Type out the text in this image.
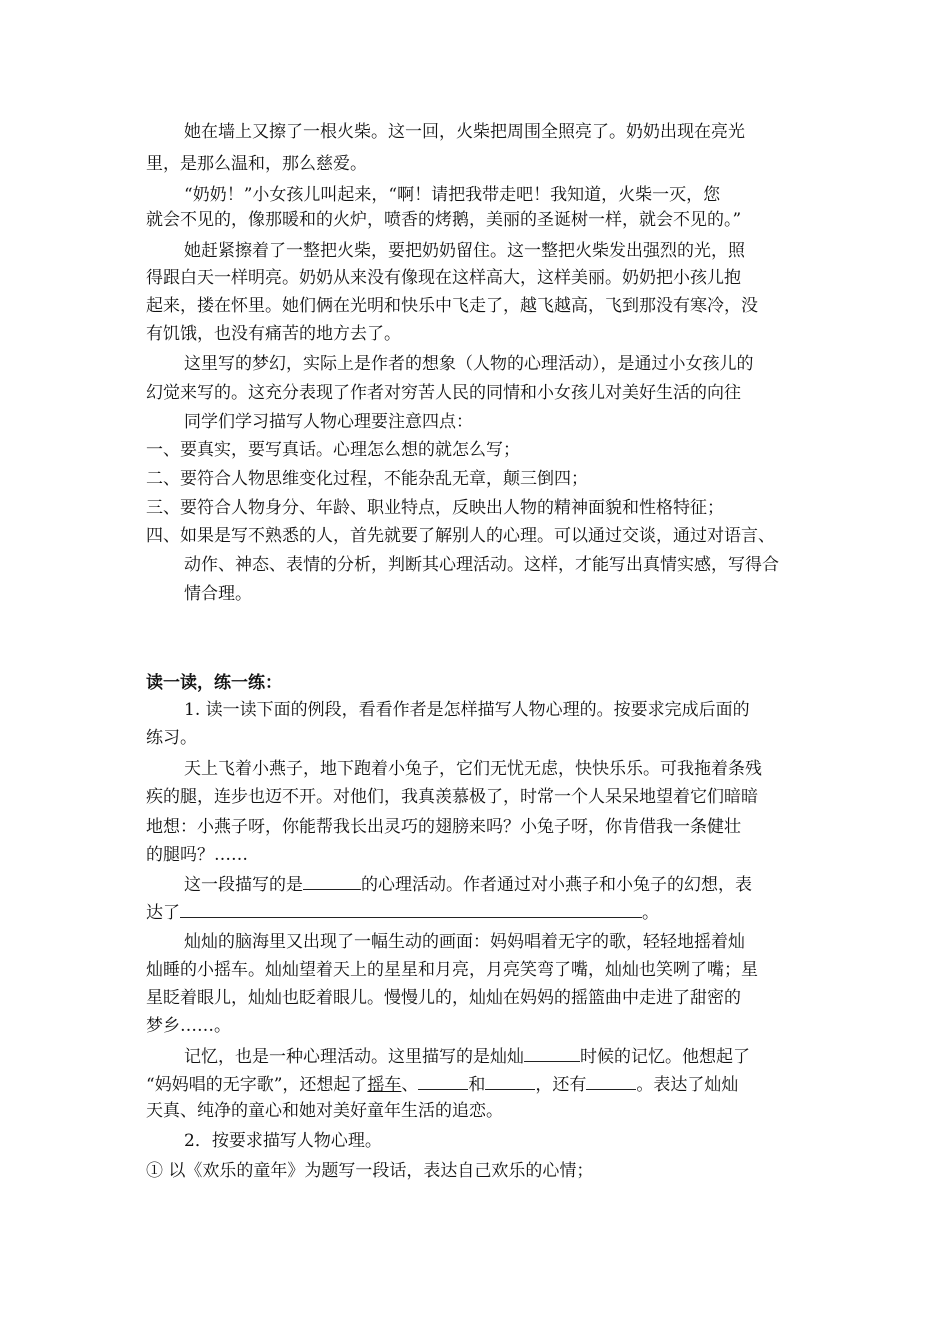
她在墙上又擦了一根火柴。这一回，火柴把周围全照亮了。奶奶出现在亮光
里，是那么温和，那么慈爱。
“奶奶！”小女孩儿叫起来，“啊！请把我带走吧！我知道，火柴一灭，您
就会不见的，像那暖和的火炉，喷香的烤鹅，美丽的圣诞树一样，就会不见的。”
她赶紧擦着了一整把火柴，要把奶奶留住。这一整把火柴发出强烈的光，照
得跟白天一样明亮。奶奶从来没有像现在这样高大，这样美丽。奶奶把小孩儿抱
起来，搂在怀里。她们俩在光明和快乐中飞走了，越飞越高，飞到那没有寒冷，没
有饥饿，也没有痛苦的地方去了。
这里写的梦幻，实际上是作者的想象（人物的心理活动），是通过小女孩儿的
幻觉来写的。这充分表现了作者对穷苦人民的同情和小女孩儿对美好生活的向往
同学们学习描写人物心理要注意四点：
一、要真实，要写真话。心理怎么想的就怎么写；
二、要符合人物思维变化过程，不能杂乱无章，颠三倒四；
三、要符合人物身分、年龄、职业特点，反映出人物的精神面貌和性格特征；
四、如果是写不熟悉的人，首先就要了解别人的心理。可以通过交谈，通过对语言、
动作、神态、表情的分析，判断其心理活动。这样，才能写出真情实感，写得合
情合理。
读一读，练一练：
1. 读一读下面的例段，看看作者是怎样描写人物心理的。按要求完成后面的
练习。
天上飞着小燕子，地下跑着小兔子，它们无忧无虑，快快乐乐。可我拖着条残
疾的腿，连步也迈不开。对他们，我真羡慕极了，时常一个人呆呆地望着它们暗暗
地想：小燕子呀，你能帮我长出灵巧的翅膀来吗？小兔子呀，你肯借我一条健壮
的腿吗？……
这一段描写的是	的心理活动。作者通过对小燕子和小兔子的幻想，表
达了	。
灿灿的脑海里又出现了一幅生动的画面：妈妈唱着无字的歌，轻轻地摇着灿
灿睡的小摇车。灿灿望着天上的星星和月亮，月亮笑弯了嘴，灿灿也笑咧了嘴；星
星眨着眼儿，灿灿也眨着眼儿。慢慢儿的，灿灿在妈妈的摇篮曲中走进了甜密的
梦乡……。
记忆，也是一种心理活动。这里描写的是灿灿	时候的记忆。他想起了
“妈妈唱的无字歌”，还想起了摇车、	和	，还有	。表达了灿灿
天真、纯净的童心和她对美好童年生活的追恋。
2．按要求描写人物心理。
① 以《欢乐的童年》为题写一段话，表达自己欢乐的心情；
